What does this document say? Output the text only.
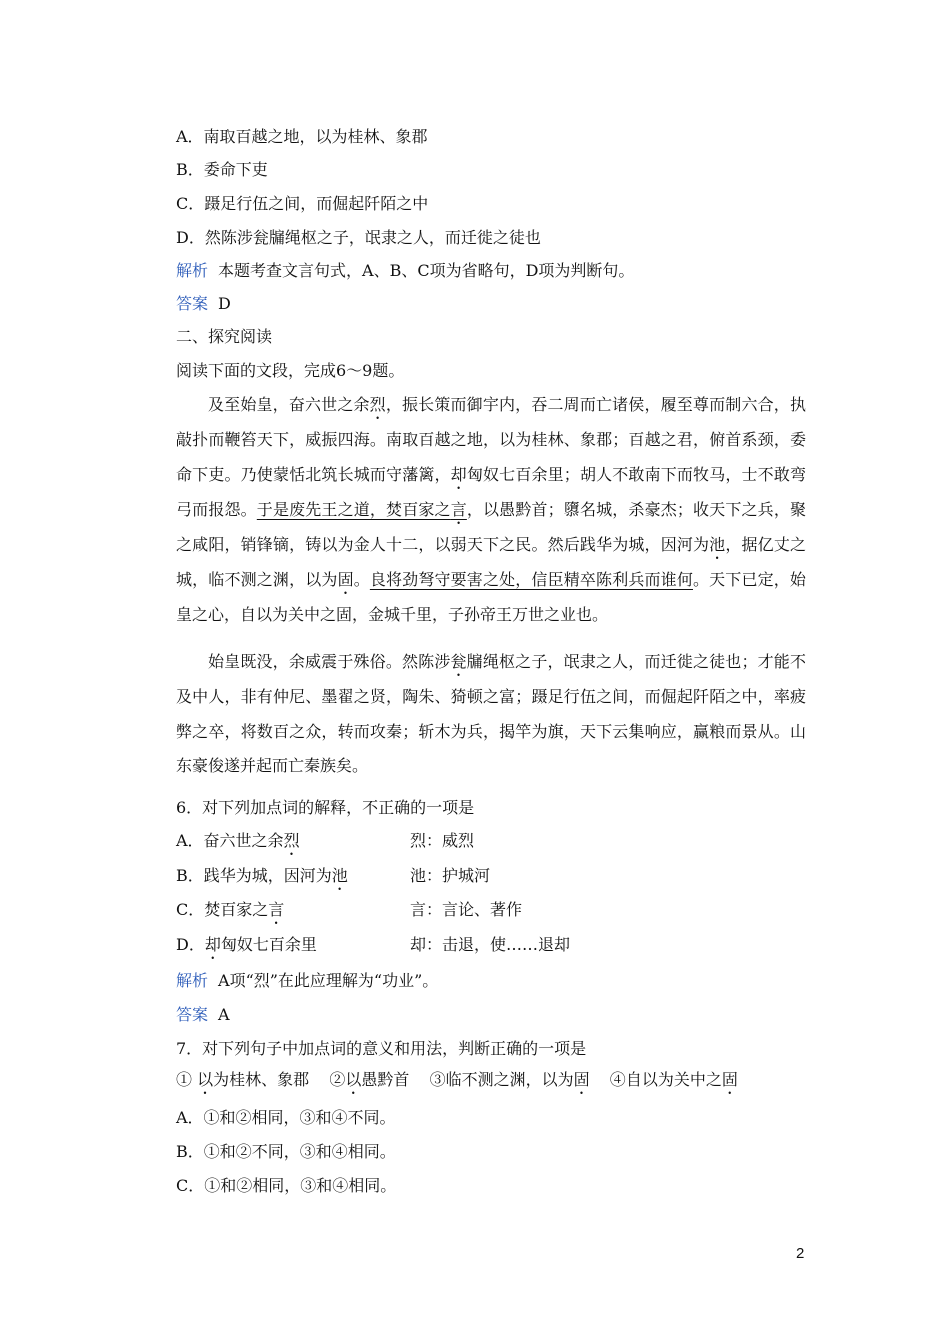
A．南取百越之地，以为桂林、象郡
B．委命下吏
C．蹑足行伍之间，而倔起阡陌之中
D．然陈涉瓮牖绳枢之子，氓隶之人，而迁徙之徒也
解析 本题考查文言句式，A、B、C项为省略句，D项为判断句。
答案 D
二、探究阅读
阅读下面的文段，完成6～9题。
及至始皇，奋六世之余烈，振长策而御宇内，吞二周而亡诸侯，履至尊而制六合，执敲扑而鞭笞天下，威振四海。南取百越之地，以为桂林、象郡；百越之君，俯首系颈，委命下吏。乃使蒙恬北筑长城而守藩篱，却匈奴七百余里；胡人不敢南下而牧马，士不敢弯弓而报怨。于是废先王之道，焚百家之言，以愚黔首；隳名城，杀豪杰；收天下之兵，聚之咸阳，销锋镝，铸以为金人十二，以弱天下之民。然后践华为城，因河为池，据亿丈之城，临不测之渊，以为固。良将劲弩守要害之处，信臣精卒陈利兵而谁何。天下已定，始皇之心，自以为关中之固，金城千里，子孙帝王万世之业也。
始皇既没，余威震于殊俗。然陈涉瓮牖绳枢之子，氓隶之人，而迁徙之徒也；才能不及中人，非有仲尼、墨翟之贤，陶朱、猗顿之富；蹑足行伍之间，而倔起阡陌之中，率疲弊之卒，将数百之众，转而攻秦；斩木为兵，揭竿为旗，天下云集响应，赢粮而景从。山东豪俊遂并起而亡秦族矣。
6．对下列加点词的解释，不正确的一项是
A．奋六世之余烈	烈：威烈
B．践华为城，因河为池	池：护城河
C．焚百家之言	言：言论、著作
D．却匈奴七百余里	却：击退，使……退却
解析 A项“烈”在此应理解为“功业”。
答案 A
7．对下列句子中加点词的意义和用法，判断正确的一项是
① 以为桂林、象郡 ②以愚黔首 ③临不测之渊，以为固 ④自以为关中之固
A．①和②相同，③和④不同。
B．①和②不同，③和④相同。
C．①和②相同，③和④相同。
2
